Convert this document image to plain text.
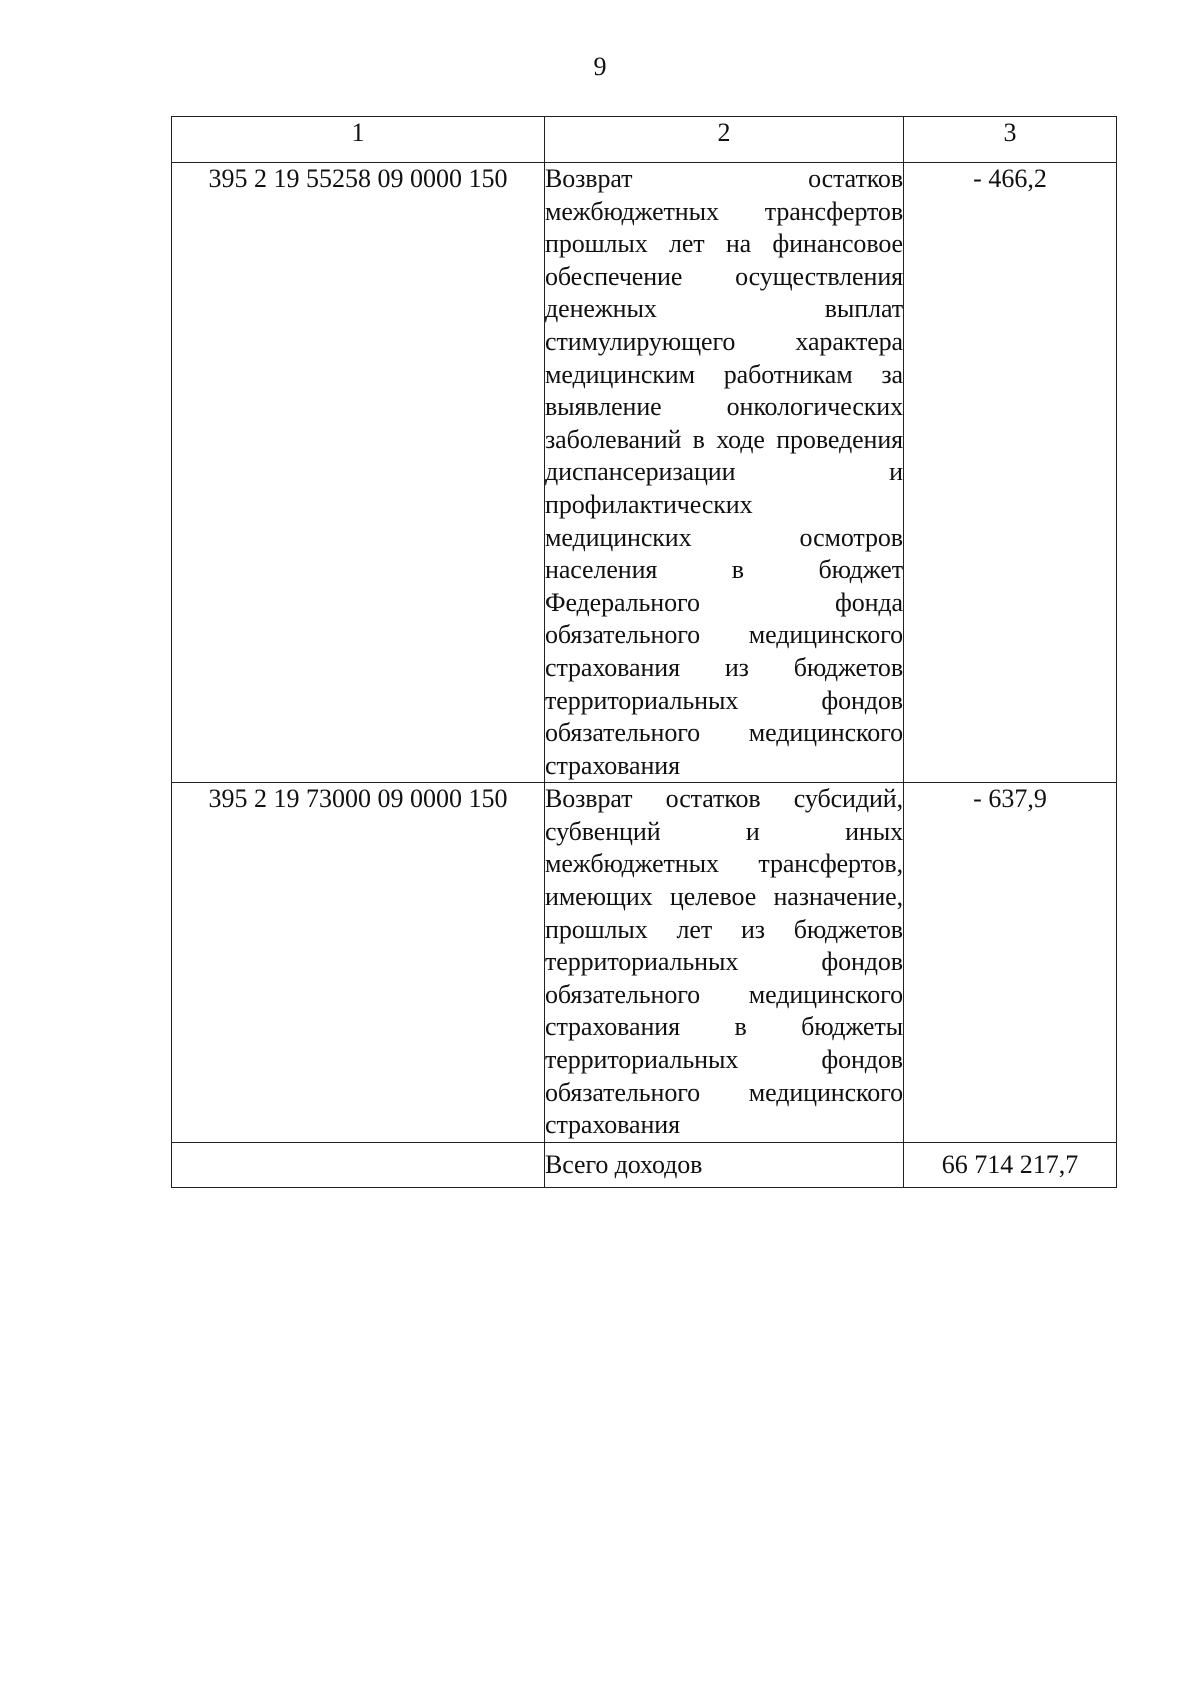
9
1	2	3
395 2 19 55258 09 0000 150	Возврат остатков межбюджетных трансфертов прошлых лет на финансовое обеспечение осуществления денежных выплат стимулирующего характера медицинским работникам за выявление онкологических заболеваний в ходе проведения диспансеризации и профилактических медицинских осмотров населения в бюджет Федерального фонда обязательного медицинского страхования из бюджетов территориальных фондов обязательного медицинского страхования	- 466,2
395 2 19 73000 09 0000 150	Возврат остатков субсидий, субвенций и иных межбюджетных трансфертов, имеющих целевое назначение, прошлых лет из бюджетов территориальных фондов обязательного медицинского страхования в бюджеты территориальных фондов обязательного медицинского страхования	- 637,9
	Всего доходов	66 714 217,7
